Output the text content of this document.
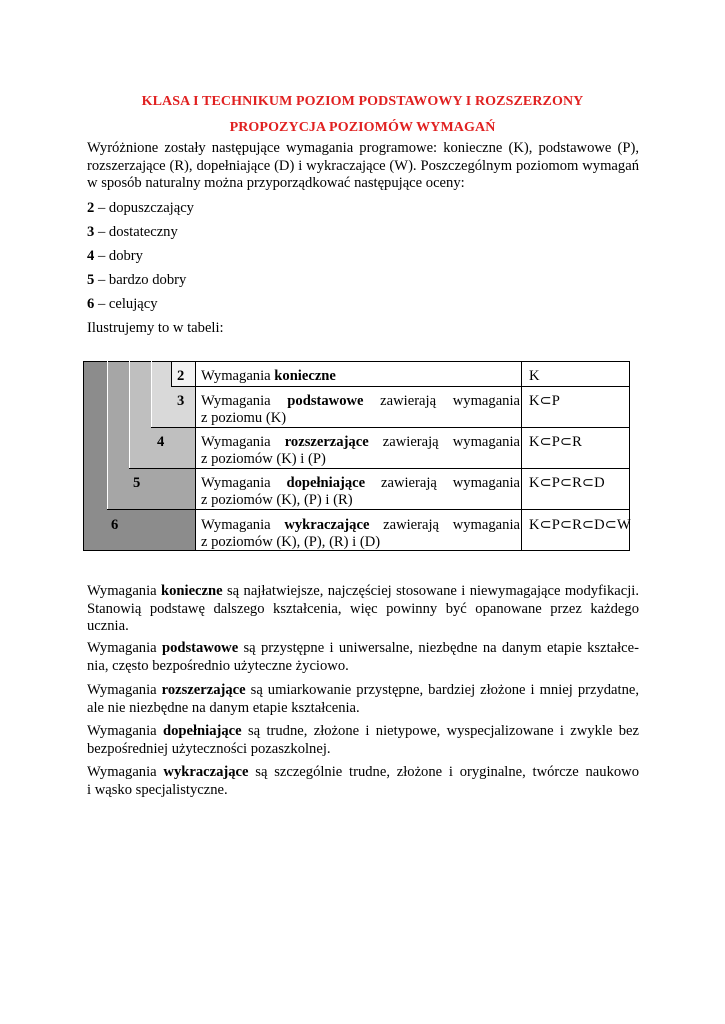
KLASA I TECHNIKUM POZIOM PODSTAWOWY I ROZSZERZONY
PROPOZYCJA POZIOMÓW WYMAGAŃ
Wyróżnione zostały następujące wymagania programowe: konieczne (K), podstawowe (P),
rozszerzające (R), dopełniające (D) i wykraczające (W). Poszczególnym poziomom wymagań
w sposób naturalny można przyporządkować następujące oceny:
2 – dopuszczający
3 – dostateczny
4 – dobry
5 – bardzo dobry
6 – celujący
Ilustrujemy to w tabeli:
2 Wymagania konieczne	K
3 Wymagania podstawowe zawierają wymagania
z poziomu (K)
K⊂P
4	Wymagania rozszerzające zawierają wymagania
z poziomów (K) i (P)
K⊂P⊂R
5	Wymagania dopełniające zawierają wymagania
z poziomów (K), (P) i (R)
K⊂P⊂R⊂D
6	Wymagania wykraczające zawierają wymagania
z poziomów (K), (P), (R) i (D)
K⊂P⊂R⊂D⊂W
Wymagania konieczne są najłatwiejsze, najczęściej stosowane i niewymagające modyfikacji.
Stanowią podstawę dalszego kształcenia, więc powinny być opanowane przez każdego
ucznia.
Wymagania podstawowe są przystępne i uniwersalne, niezbędne na danym etapie kształce-
nia, często bezpośrednio użyteczne życiowo.
Wymagania rozszerzające są umiarkowanie przystępne, bardziej złożone i mniej przydatne,
ale nie niezbędne na danym etapie kształcenia.
Wymagania dopełniające są trudne, złożone i nietypowe, wyspecjalizowane i zwykle bez
bezpośredniej użyteczności pozaszkolnej.
Wymagania wykraczające są szczególnie trudne, złożone i oryginalne, twórcze naukowo
i wąsko specjalistyczne.
